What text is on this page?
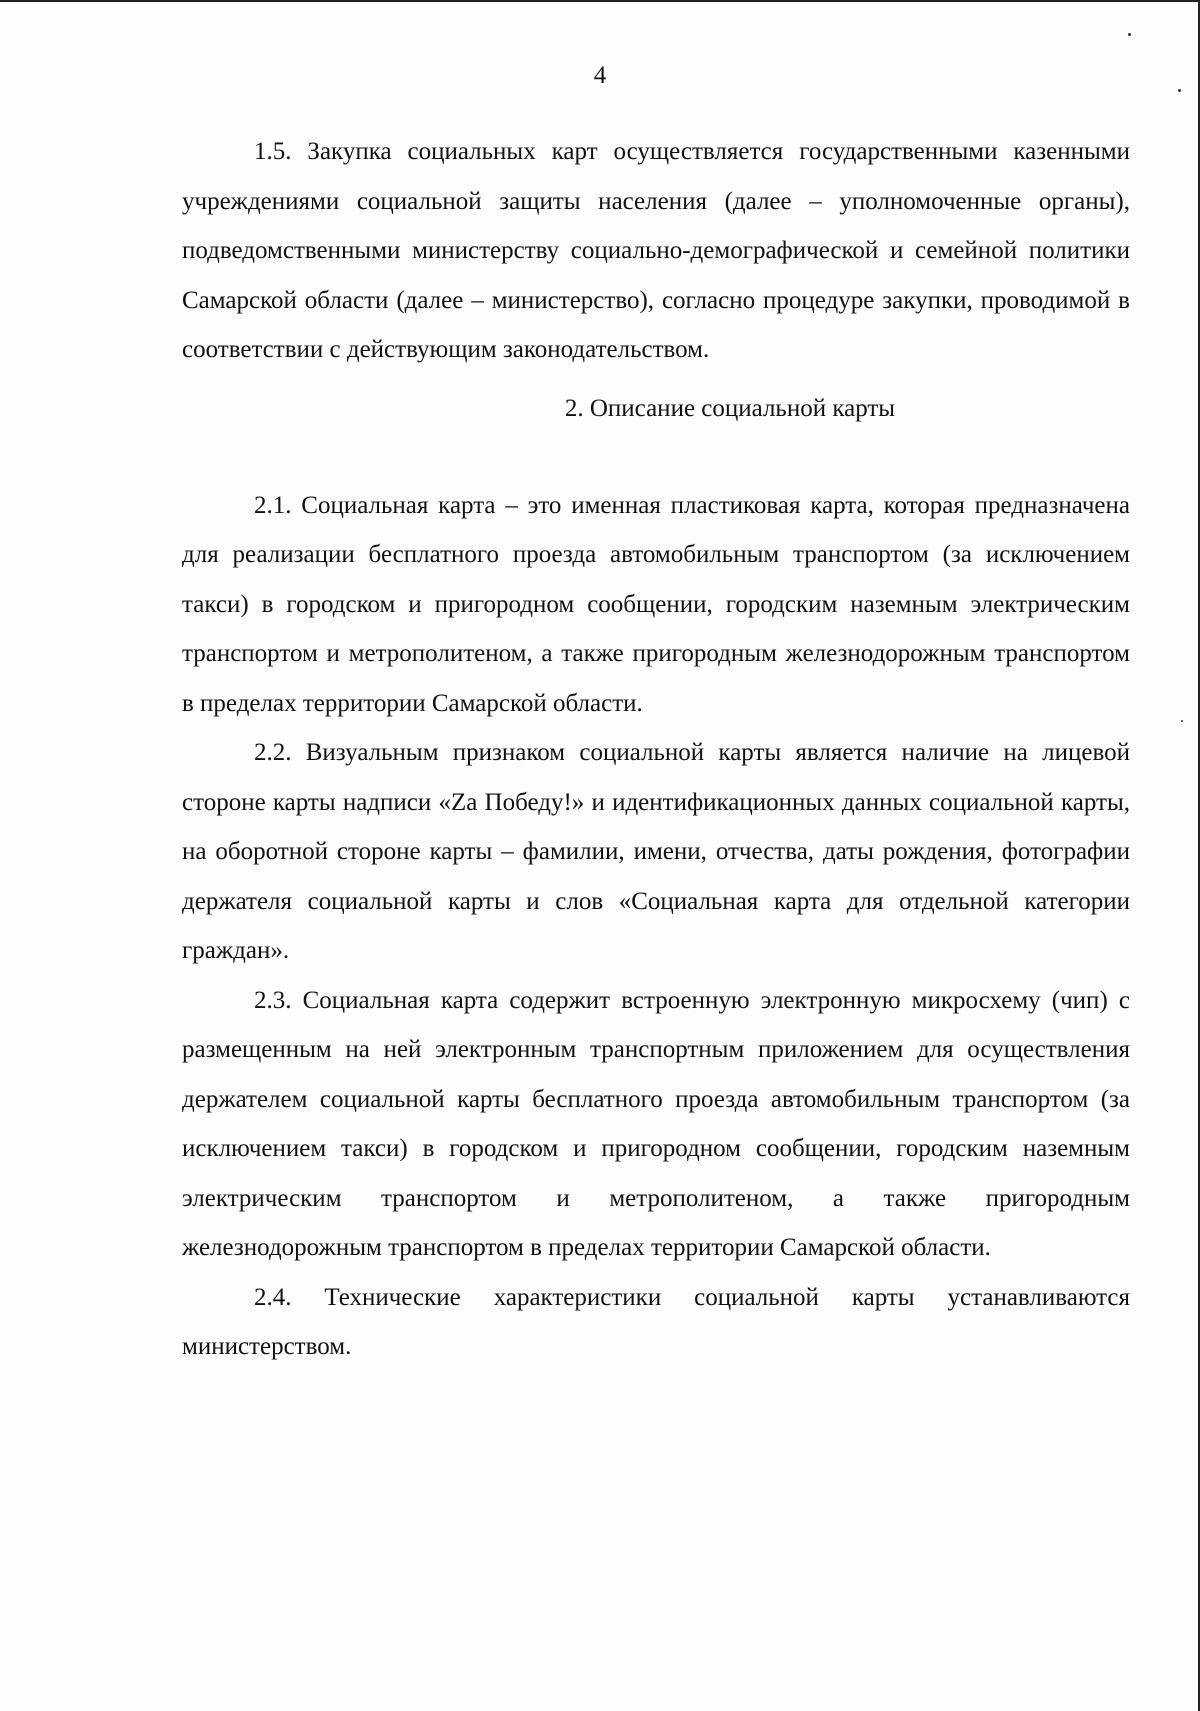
4

1.5. Закупка социальных карт осуществляется государственными казенными учреждениями социальной защиты населения (далее – уполномоченные органы), подведомственными министерству социально-демографической и семейной политики Самарской области (далее – министерство), согласно процедуре закупки, проводимой в соответствии с действующим законодательством.

2. Описание социальной карты

2.1. Социальная карта – это именная пластиковая карта, которая предназначена для реализации бесплатного проезда автомобильным транспортом (за исключением такси) в городском и пригородном сообщении, городским наземным электрическим транспортом и метрополитеном, а также пригородным железнодорожным транспортом в пределах территории Самарской области.

2.2. Визуальным признаком социальной карты является наличие на лицевой стороне карты надписи «Za Победу!» и идентификационных данных социальной карты, на оборотной стороне карты – фамилии, имени, отчества, даты рождения, фотографии держателя социальной карты и слов «Социальная карта для отдельной категории граждан».

2.3. Социальная карта содержит встроенную электронную микросхему (чип) с размещенным на ней электронным транспортным приложением для осуществления держателем социальной карты бесплатного проезда автомобильным транспортом (за исключением такси) в городском и пригородном сообщении, городским наземным электрическим транспортом и метрополитеном, а также пригородным железнодорожным транспортом в пределах территории Самарской области.

2.4. Технические характеристики социальной карты устанавливаются министерством.
